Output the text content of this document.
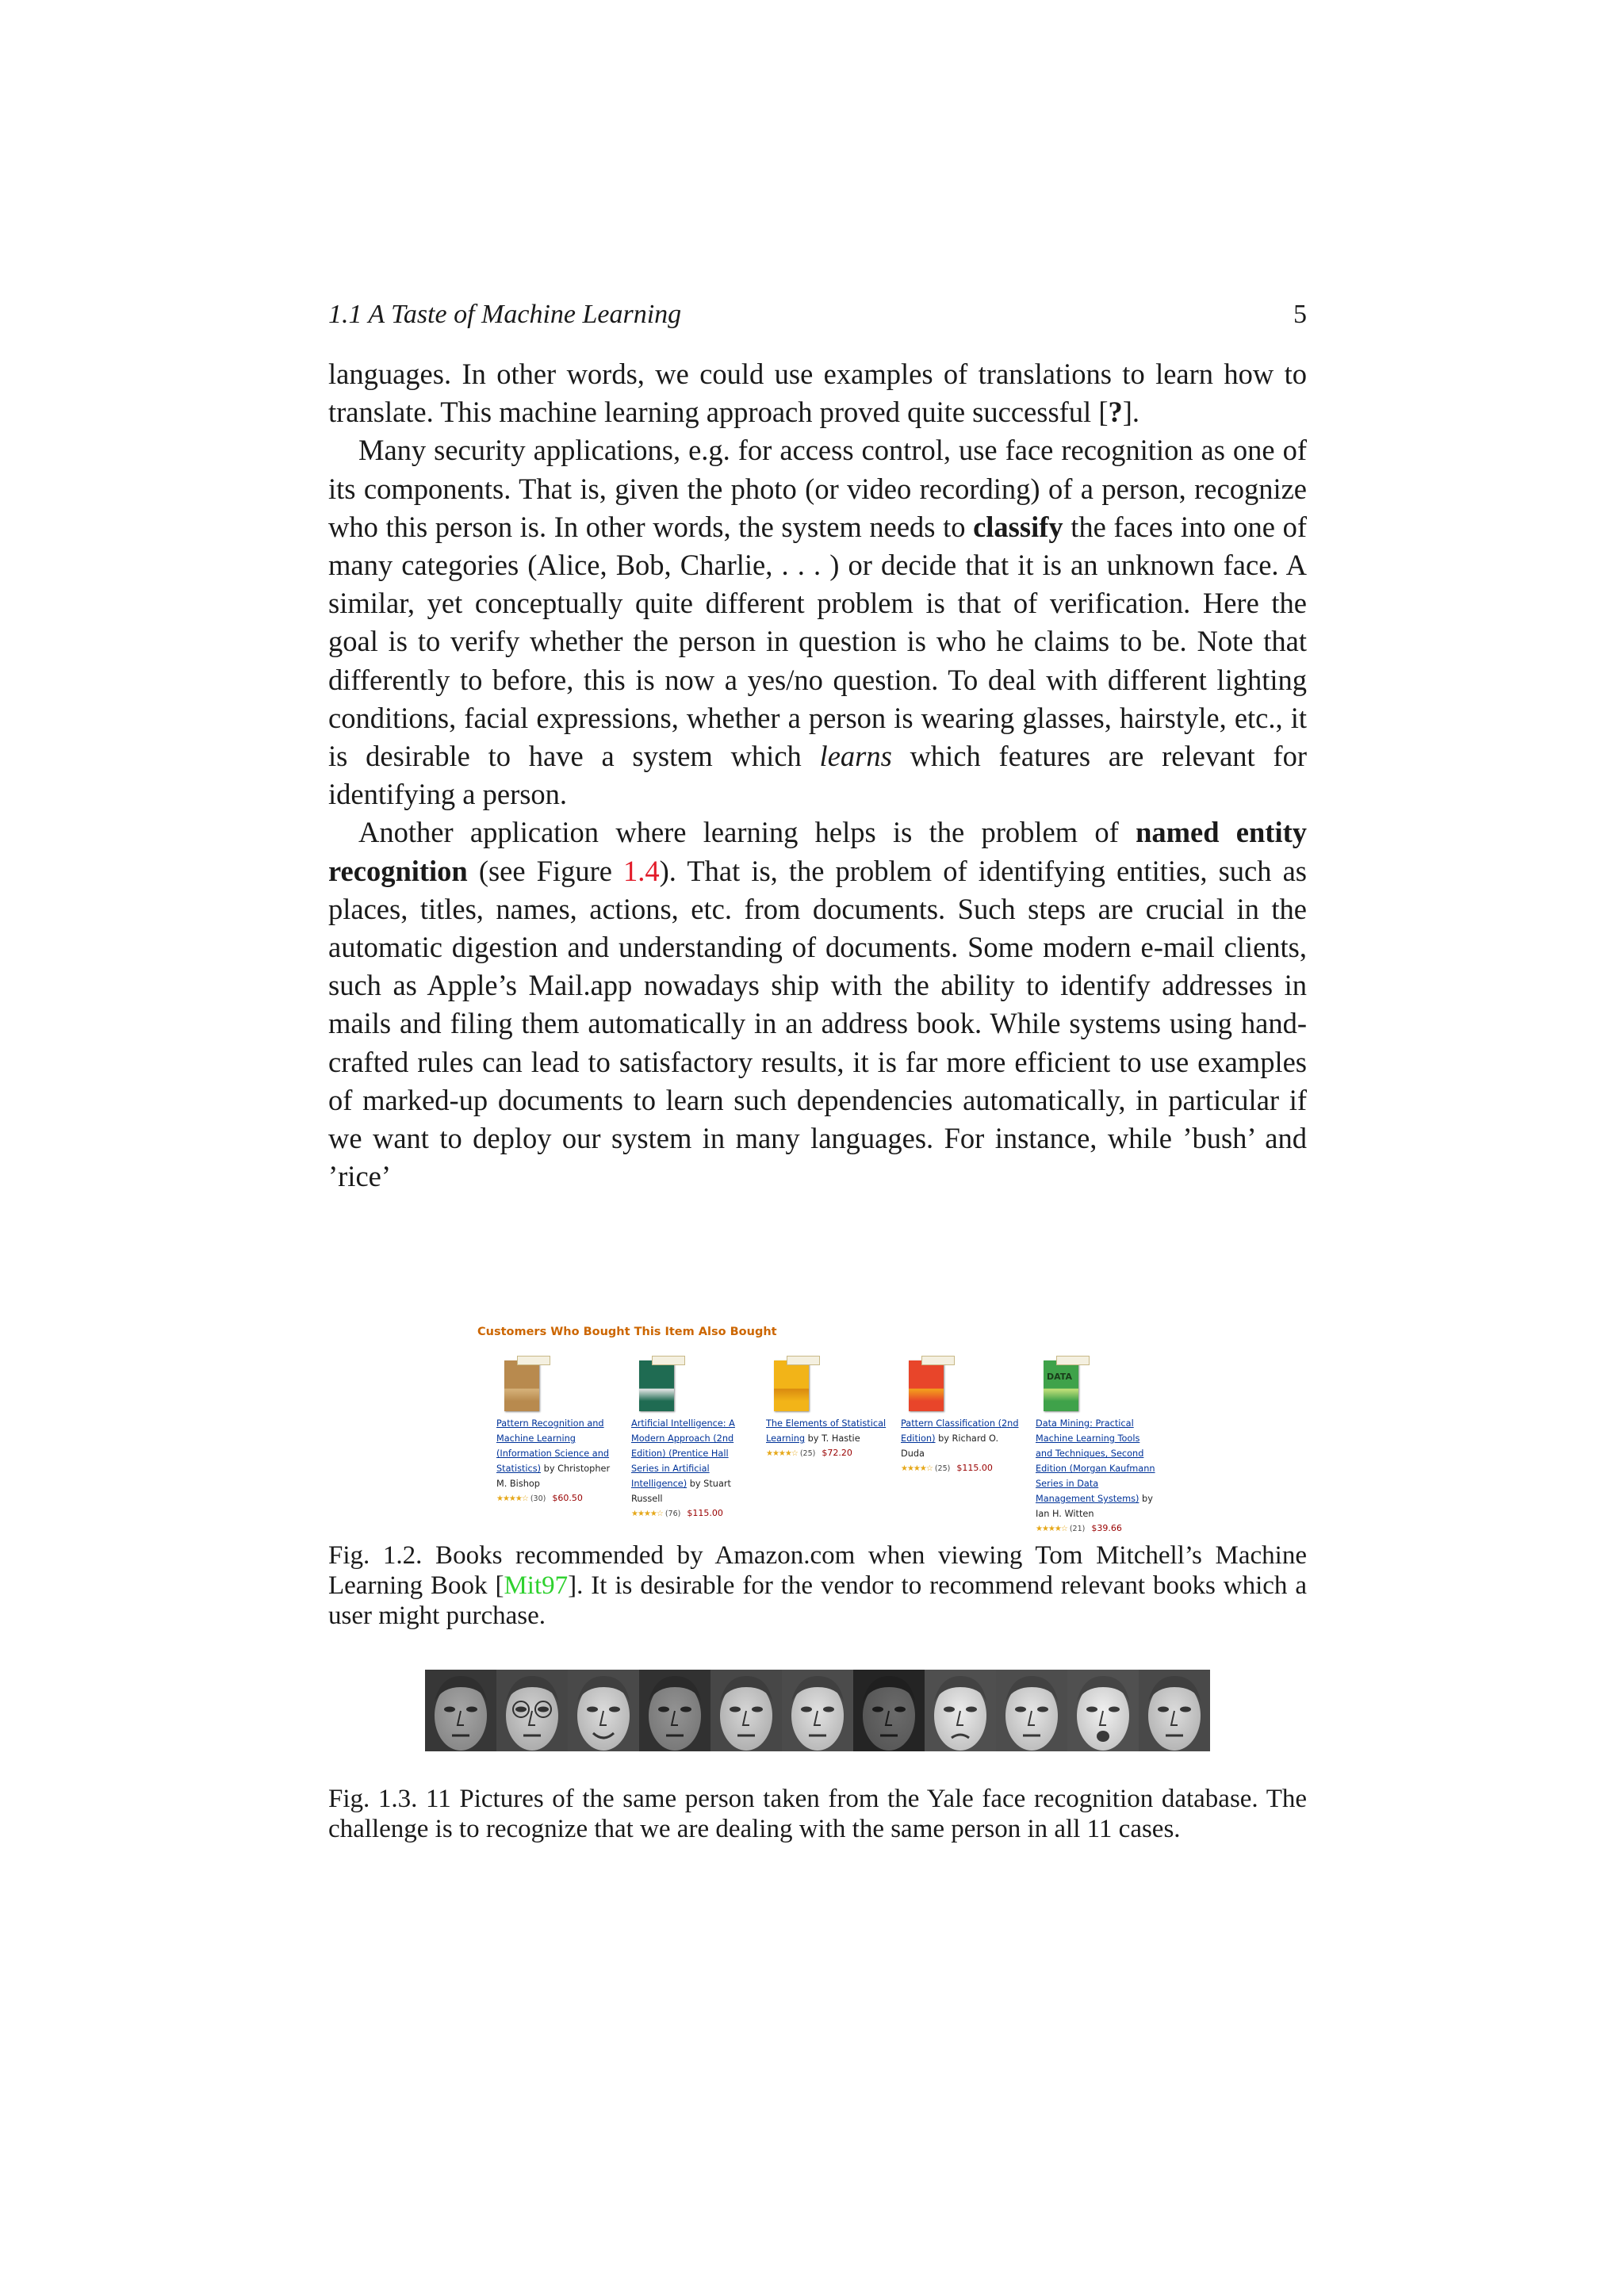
1.1 A Taste of Machine Learning	5

languages. In other words, we could use examples of translations to learn how to translate. This machine learning approach proved quite successful [?].

Many security applications, e.g. for access control, use face recognition as one of its components. That is, given the photo (or video recording) of a person, recognize who this person is. In other words, the system needs to classify the faces into one of many categories (Alice, Bob, Charlie, . . . ) or decide that it is an unknown face. A similar, yet conceptually quite different problem is that of verification. Here the goal is to verify whether the person in question is who he claims to be. Note that differently to before, this is now a yes/no question. To deal with different lighting conditions, facial expressions, whether a person is wearing glasses, hairstyle, etc., it is desirable to have a system which learns which features are relevant for identifying a person.

Another application where learning helps is the problem of named entity recognition (see Figure 1.4). That is, the problem of identifying entities, such as places, titles, names, actions, etc. from documents. Such steps are crucial in the automatic digestion and understanding of documents. Some modern e-mail clients, such as Apple’s Mail.app nowadays ship with the ability to identify addresses in mails and filing them automatically in an address book. While systems using hand-crafted rules can lead to satisfactory results, it is far more efficient to use examples of marked-up documents to learn such dependencies automatically, in particular if we want to deploy our system in many languages. For instance, while ’bush’ and ’rice’

Customers Who Bought This Item Also Bought
Pattern Recognition and Machine Learning (Information Science and Statistics) by Christopher M. Bishop
★★★★☆ (30) $60.50
Artificial Intelligence: A Modern Approach (2nd Edition) (Prentice Hall Series in Artificial Intelligence) by Stuart Russell
★★★★☆ (76) $115.00
The Elements of Statistical Learning by T. Hastie
★★★★☆ (25) $72.20
Pattern Classification (2nd Edition) by Richard O. Duda
★★★★☆ (25) $115.00
DATA
Data Mining: Practical Machine Learning Tools and Techniques, Second Edition (Morgan Kaufmann Series in Data Management Systems) by Ian H. Witten
★★★★☆ (21) $39.66
Fig. 1.2. Books recommended by Amazon.com when viewing Tom Mitchell’s Machine Learning Book [Mit97]. It is desirable for the vendor to recommend relevant books which a user might purchase.
Fig. 1.3. 11 Pictures of the same person taken from the Yale face recognition database. The challenge is to recognize that we are dealing with the same person in all 11 cases.
